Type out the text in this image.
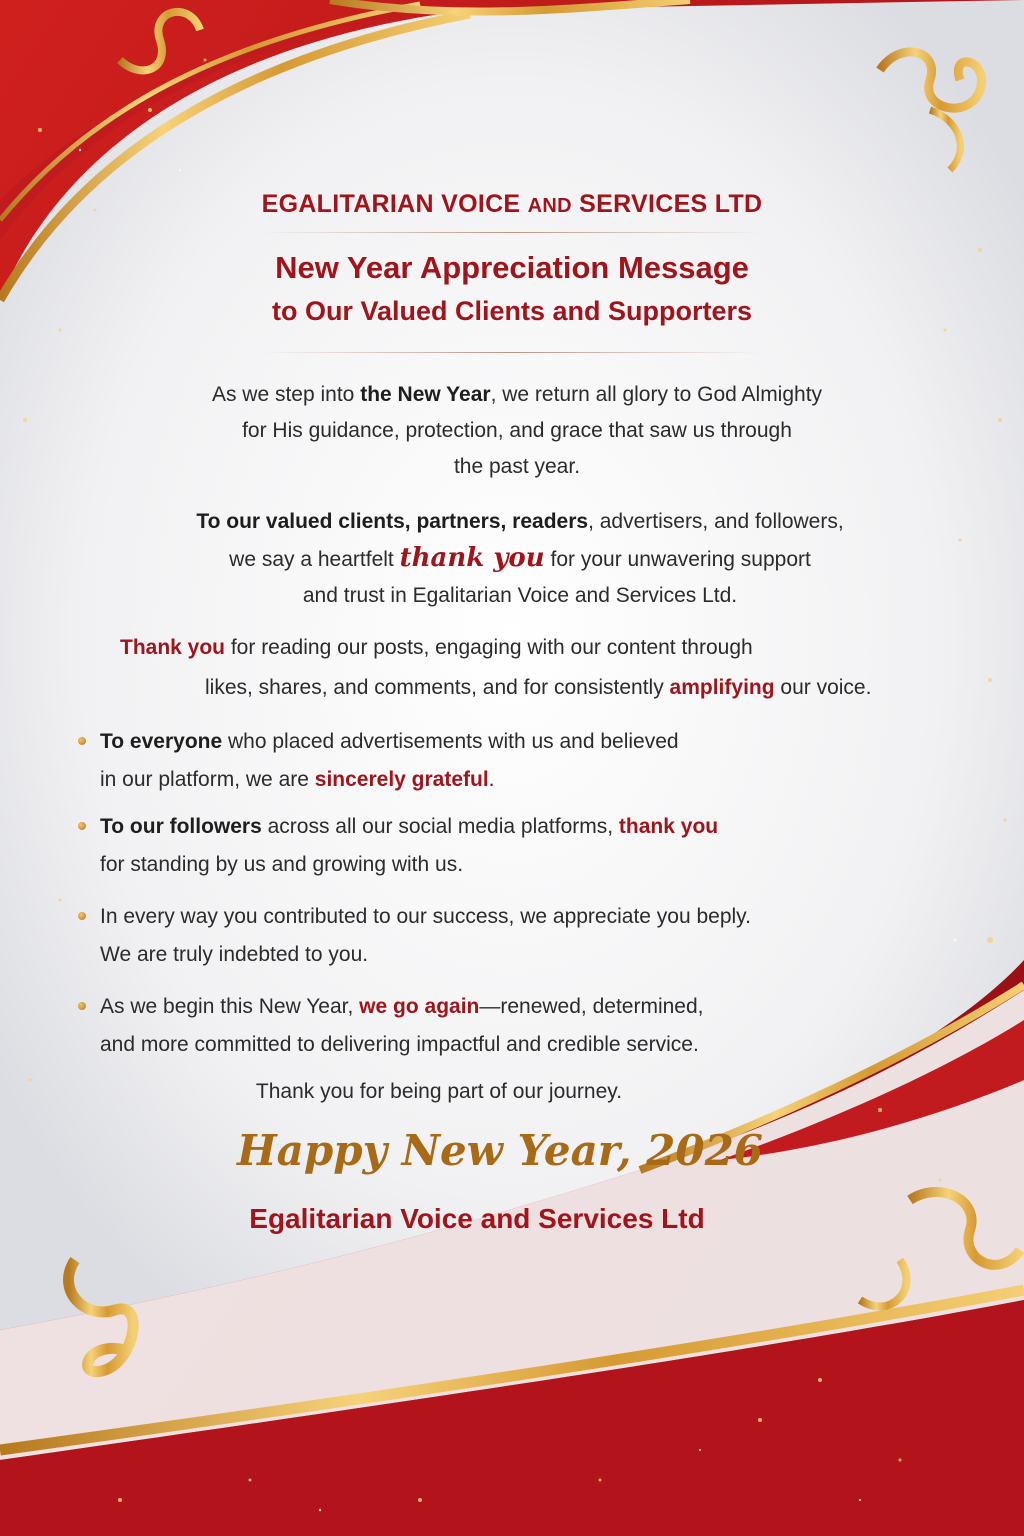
EGALITARIAN VOICE AND SERVICES LTD
New Year Appreciation Message
to Our Valued Clients and Supporters
As we step into the New Year, we return all glory to God Almighty
for His guidance, protection, and grace that saw us through
the past year.
To our valued clients, partners, readers, advertisers, and followers,
we say a heartfelt thank you for your unwavering support
and trust in Egalitarian Voice and Services Ltd.
Thank you for reading our posts, engaging with our content through
likes, shares, and comments, and for consistently amplifying our voice.
To everyone who placed advertisements with us and believed
in our platform, we are sincerely grateful.
To our followers across all our social media platforms, thank you
for standing by us and growing with us.
In every way you contributed to our success, we appreciate you beply.
We are truly indebted to you.
As we begin this New Year, we go again—renewed, determined,
and more committed to delivering impactful and credible service.
Thank you for being part of our journey.
Happy New Year, 2026
Egalitarian Voice and Services Ltd
